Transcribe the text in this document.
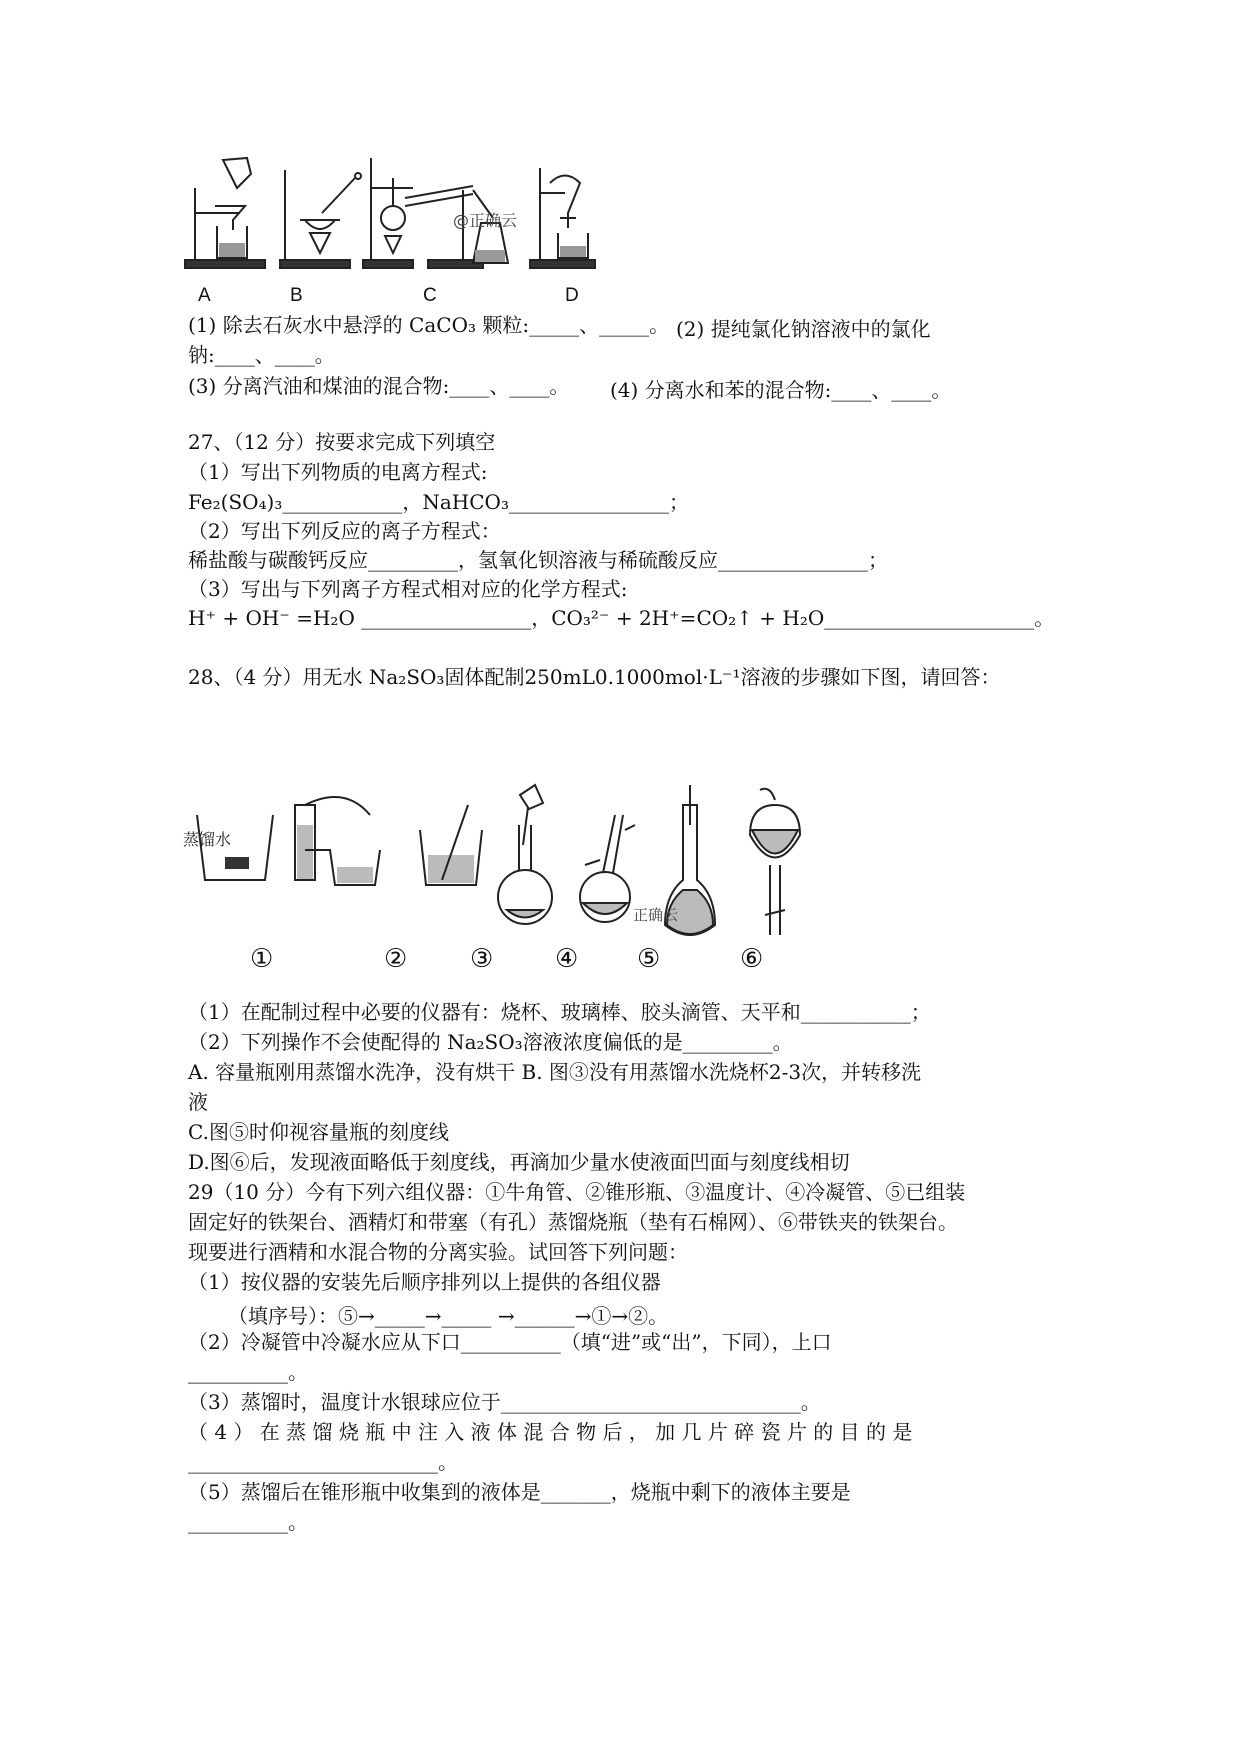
@正确云
A	B	C	D
(1) 除去石灰水中悬浮的 CaCO₃ 颗粒:_____、_____。 (2) 提纯氯化钠溶液中的氯化
钠:____、____。
(3) 分离汽油和煤油的混合物:____、____。 (4) 分离水和苯的混合物:____、____。
27、（12 分）按要求完成下列填空
（1）写出下列物质的电离方程式:
Fe₂(SO₄)₃____________，NaHCO₃________________；
（2）写出下列反应的离子方程式：
稀盐酸与碳酸钙反应_________，氢氧化钡溶液与稀硫酸反应_______________；
（3）写出与下列离子方程式相对应的化学方程式:
H⁺ + OH⁻ =H₂O _________________，CO₃²⁻ + 2H⁺=CO₂↑ + H₂O_____________________。
28、（4 分）用无水 Na₂SO₃固体配制250mL0.1000mol·L⁻¹溶液的步骤如下图，请回答：
蒸馏水
正确云
①	② ③ ④ ⑤	⑥
（1）在配制过程中必要的仪器有：烧杯、玻璃棒、胶头滴管、天平和___________；
（2）下列操作不会使配得的 Na₂SO₃溶液浓度偏低的是_________。
A. 容量瓶刚用蒸馏水洗净，没有烘干 B. 图③没有用蒸馏水洗烧杯2-3次，并转移洗
液
C.图⑤时仰视容量瓶的刻度线
D.图⑥后，发现液面略低于刻度线，再滴加少量水使液面凹面与刻度线相切
29（10 分）今有下列六组仪器：①牛角管、②锥形瓶、③温度计、④冷凝管、⑤已组装
固定好的铁架台、酒精灯和带塞（有孔）蒸馏烧瓶（垫有石棉网）、⑥带铁夹的铁架台。
现要进行酒精和水混合物的分离实验。试回答下列问题：
（1）按仪器的安装先后顺序排列以上提供的各组仪器
（填序号）：⑤→_____→_____ →______→①→②。
（2）冷凝管中冷凝水应从下口__________（填“进”或“出”，下同），上口
__________。
（3）蒸馏时，温度计水银球应位于______________________________。
（ 4 ） 在 蒸 馏 烧 瓶 中 注 入 液 体 混 合 物 后 ， 加 几 片 碎 瓷 片 的 目 的 是
_________________________。
（5）蒸馏后在锥形瓶中收集到的液体是_______，烧瓶中剩下的液体主要是
__________。
